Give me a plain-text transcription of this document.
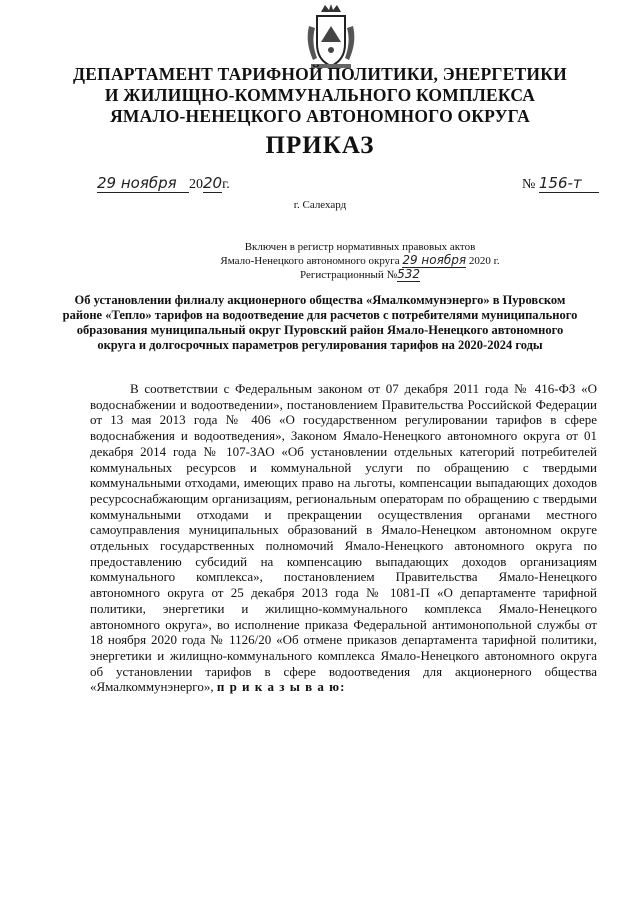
ДЕПАРТАМЕНТ ТАРИФНОЙ ПОЛИТИКИ, ЭНЕРГЕТИКИ
И ЖИЛИЩНО-КОММУНАЛЬНОГО КОМПЛЕКСА
ЯМАЛО-НЕНЕЦКОГО АВТОНОМНОГО ОКРУГА
ПРИКАЗ
29 ноября 2020г.	№ 156-т
г. Салехард
Включен в регистр нормативных правовых актов
Ямало-Ненецкого автономного округа 29 ноября 2020 г.
Регистрационный №532
Об установлении филиалу акционерного общества «Ямалкоммунэнерго» в Пуровском районе «Тепло» тарифов на водоотведение для расчетов с потребителями муниципального образования муниципальный округ Пуровский район Ямало-Ненецкого автономного округа и долгосрочных параметров регулирования тарифов на 2020-2024 годы
В соответствии с Федеральным законом от 07 декабря 2011 года № 416-ФЗ «О водоснабжении и водоотведении», постановлением Правительства Российской Федерации от 13 мая 2013 года № 406 «О государственном регулировании тарифов в сфере водоснабжения и водоотведения», Законом Ямало-Ненецкого автономного округа от 01 декабря 2014 года № 107-ЗАО «Об установлении отдельных категорий потребителей коммунальных ресурсов и коммунальной услуги по обращению с твердыми коммунальными отходами, имеющих право на льготы, компенсации выпадающих доходов ресурсоснабжающим организациям, региональным операторам по обращению с твердыми коммунальными отходами и прекращении осуществления органами местного самоуправления муниципальных образований в Ямало-Ненецком автономном округе отдельных государственных полномочий Ямало-Ненецкого автономного округа по предоставлению субсидий на компенсацию выпадающих доходов организациям коммунального комплекса», постановлением Правительства Ямало-Ненецкого автономного округа от 25 декабря 2013 года № 1081-П «О департаменте тарифной политики, энергетики и жилищно-коммунального комплекса Ямало-Ненецкого автономного округа», во исполнение приказа Федеральной антимонопольной службы от 18 ноября 2020 года № 1126/20 «Об отмене приказов департамента тарифной политики, энергетики и жилищно-коммунального комплекса Ямало-Ненецкого автономного округа об установлении тарифов в сфере водоотведения для акционерного общества «Ямалкоммунэнерго», п р и к а з ы в а ю:
